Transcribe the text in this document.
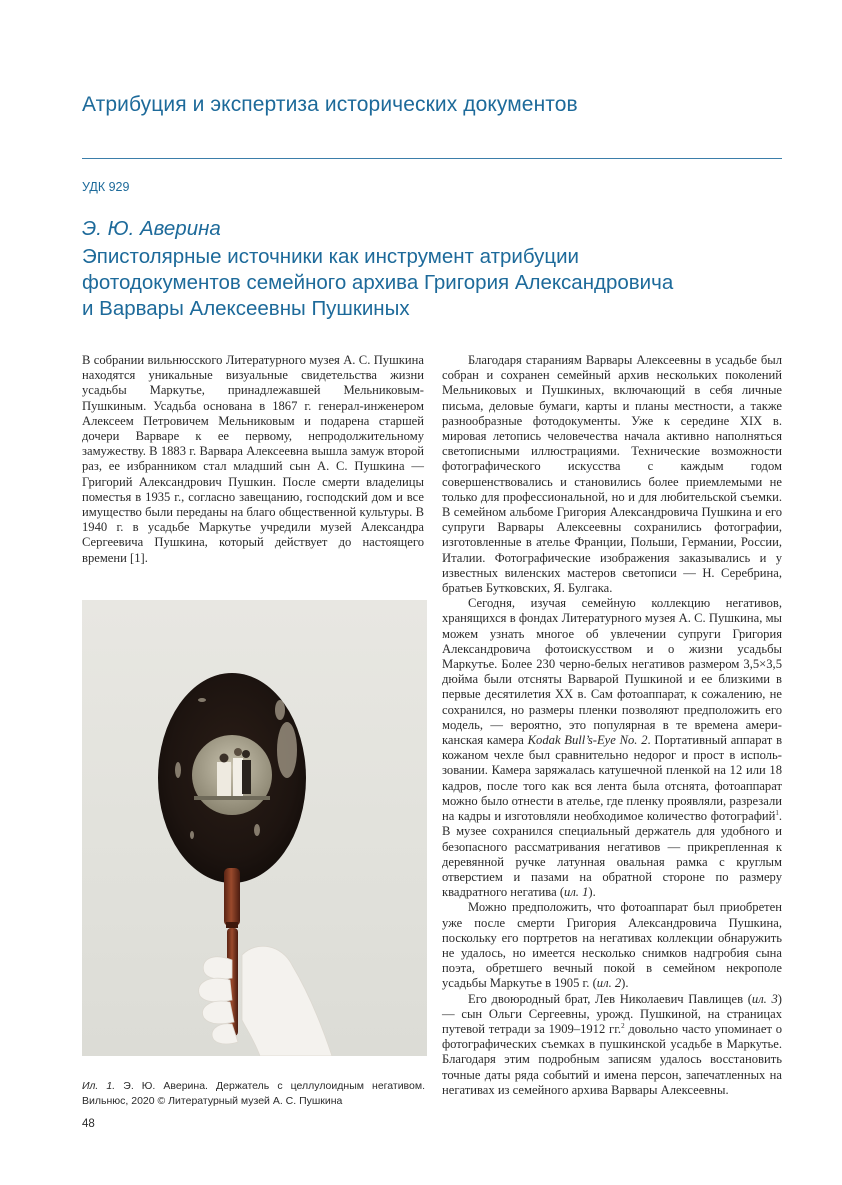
Атрибуция и экспертиза исторических документов
УДК 929
Э. Ю. Аверина
Эпистолярные источники как инструмент атрибуции
фотодокументов семейного архива Григория Александровича
и Варвары Алексеевны Пушкиных

В собрании вильнюсского Литературного музея А. С. Пушкина находятся уникальные визуальные свидетельства жизни усадьбы Маркутье, принадлежавшей Мельниковым-Пушкиным. Усадьба основана в 1867 г. генерал-инженером Алексеем Петровичем Мельниковым и подарена старшей дочери Варваре к ее первому, непродолжительному замужеству. В 1883 г. Варвара Алексеевна вышла замуж второй раз, ее избранником стал младший сын А. С. Пушкина — Григорий Александрович Пушкин. После смерти владелицы поместья в 1935 г., согласно завещанию, господский дом и все имущество были переданы на благо общественной культуры. В 1940 г. в усадьбе Маркутье учредили музей Александра Сергеевича Пушкина, который действует до настоящего времени [1].

Ил. 1. Э. Ю. Аверина. Держатель с целлулоидным негативом. Вильнюс, 2020 © Литературный музей А. С. Пушкина

Благодаря стараниям Варвары Алексеевны в усадьбе был собран и сохранен семейный архив нескольких поколений Мельниковых и Пушкиных, включающий в себя личные письма, деловые бумаги, карты и планы местности, а также разнообразные фотодокументы. Уже к середине XIX в. мировая летопись человечества начала активно наполняться светописными иллюстрациями. Технические возможности фотографического искусства с каждым годом совершенствовались и становились более приемлемыми не только для профессиональной, но и для любительской съемки. В семейном альбоме Григория Александровича Пушкина и его супруги Варвары Алексеевны сохранились фотографии, изготовленные в ателье Франции, Польши, Германии, России, Италии. Фотографические изображения заказывались и у известных виленских мастеров светописи — Н. Серебрина, братьев Бутковских, Я. Булгака.

Сегодня, изучая семейную коллекцию негативов, хранящихся в фондах Литературного музея А. С. Пушкина, мы можем узнать многое об увлечении супруги Григория Александровича фотоискусством и о жизни усадьбы Маркутье. Более 230 черно-белых негативов размером 3,5×3,5 дюйма были отсняты Варварой Пушкиной и ее близкими в первые десятилетия XX в. Сам фотоаппарат, к сожалению, не сохранился, но размеры пленки позволяют предположить его модель, — вероятно, это популярная в те времена американская камера Kodak Bull’s-Eye No. 2. Портативный аппарат в кожаном чехле был сравнительно недорог и прост в использовании. Камера заряжалась катушечной пленкой на 12 или 18 кадров, после того как вся лента была отснята, фотоаппарат можно было отнести в ателье, где пленку проявляли, разрезали на кадры и изготовляли необходимое количество фотографий$^1$. В музее сохранился специальный держатель для удобного и безопасного рассматривания негативов — прикрепленная к деревянной ручке латунная овальная рамка с круглым отверстием и пазами на обратной стороне по размеру квадратного негатива (ил. 1).

Можно предположить, что фотоаппарат был приобретен уже после смерти Григория Александровича Пушкина, поскольку его портретов на негативах коллекции обнаружить не удалось, но имеется несколько снимков надгробия сына поэта, обретшего вечный покой в семейном некрополе усадьбы Маркутье в 1905 г. (ил. 2).

Его двоюродный брат, Лев Николаевич Павлищев (ил. 3) — сын Ольги Сергеевны, урожд. Пушкиной, на страницах путевой тетради за 1909–1912 гг.$^2$ довольно часто упоминает о фотографических съемках в пушкинской усадьбе в Маркутье. Благодаря этим подробным записям удалось восстановить точные даты ряда событий и имена персон, запечатленных на негативах из семейного архива Варвары Алексеевны.

48
